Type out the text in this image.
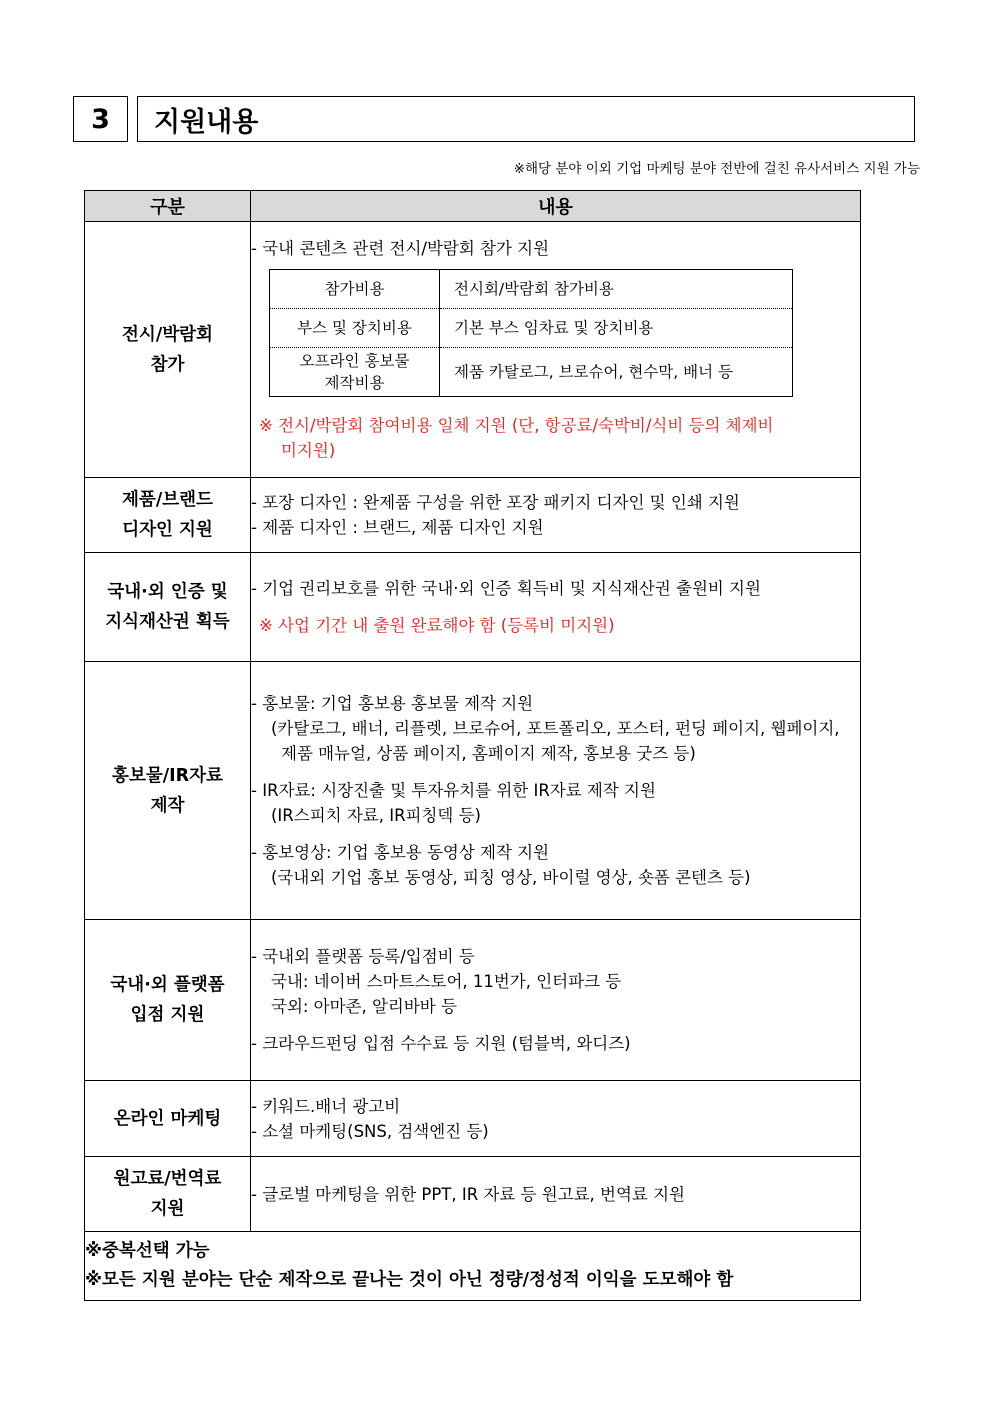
3	지원내용
※해당 분야 이외 기업 마케팅 분야 전반에 걸친 유사서비스 지원 가능
구분	내용

전시/박람회
참가

- 국내 콘텐츠 관련 전시/박람회 참가 지원
참가비용	전시회/박람회 참가비용
부스 및 장치비용	기본 부스 임차료 및 장치비용

오프라인 홍보물
제작비용
	제품 카탈로그, 브로슈어, 현수막, 배너 등
※ 전시/박람회 참여비용 일체 지원 (단, 항공료/숙박비/식비 등의 체제비
미지원)

제품/브랜드
디자인 지원

- 포장 디자인 : 완제품 구성을 위한 포장 패키지 디자인 및 인쇄 지원
- 제품 디자인 : 브랜드, 제품 디자인 지원

국내·외 인증 및
지식재산권 획득

- 기업 권리보호를 위한 국내·외 인증 획득비 및 지식재산권 출원비 지원
※ 사업 기간 내 출원 완료해야 함 (등록비 미지원)

홍보물/IR자료
제작

- 홍보물: 기업 홍보용 홍보물 제작 지원
(카탈로그, 배너, 리플렛, 브로슈어, 포트폴리오, 포스터, 펀딩 페이지, 웹페이지,
제품 매뉴얼, 상품 페이지, 홈페이지 제작, 홍보용 굿즈 등)
- IR자료: 시장진출 및 투자유치를 위한 IR자료 제작 지원
(IR스피치 자료, IR피칭덱 등)
- 홍보영상: 기업 홍보용 동영상 제작 지원
(국내외 기업 홍보 동영상, 피칭 영상, 바이럴 영상, 숏폼 콘텐츠 등)

국내·외 플랫폼
입점 지원

- 국내외 플랫폼 등록/입점비 등
국내: 네이버 스마트스토어, 11번가, 인터파크 등
국외: 아마존, 알리바바 등
- 크라우드펀딩 입점 수수료 등 지원 (텀블벅, 와디즈)

온라인 마케팅

- 키워드.배너 광고비
- 소셜 마케팅(SNS, 검색엔진 등)

원고료/번역료
지원

- 글로벌 마케팅을 위한 PPT, IR 자료 등 원고료, 번역료 지원

※중복선택 가능
※모든 지원 분야는 단순 제작으로 끝나는 것이 아닌 정량/정성적 이익을 도모해야 함
